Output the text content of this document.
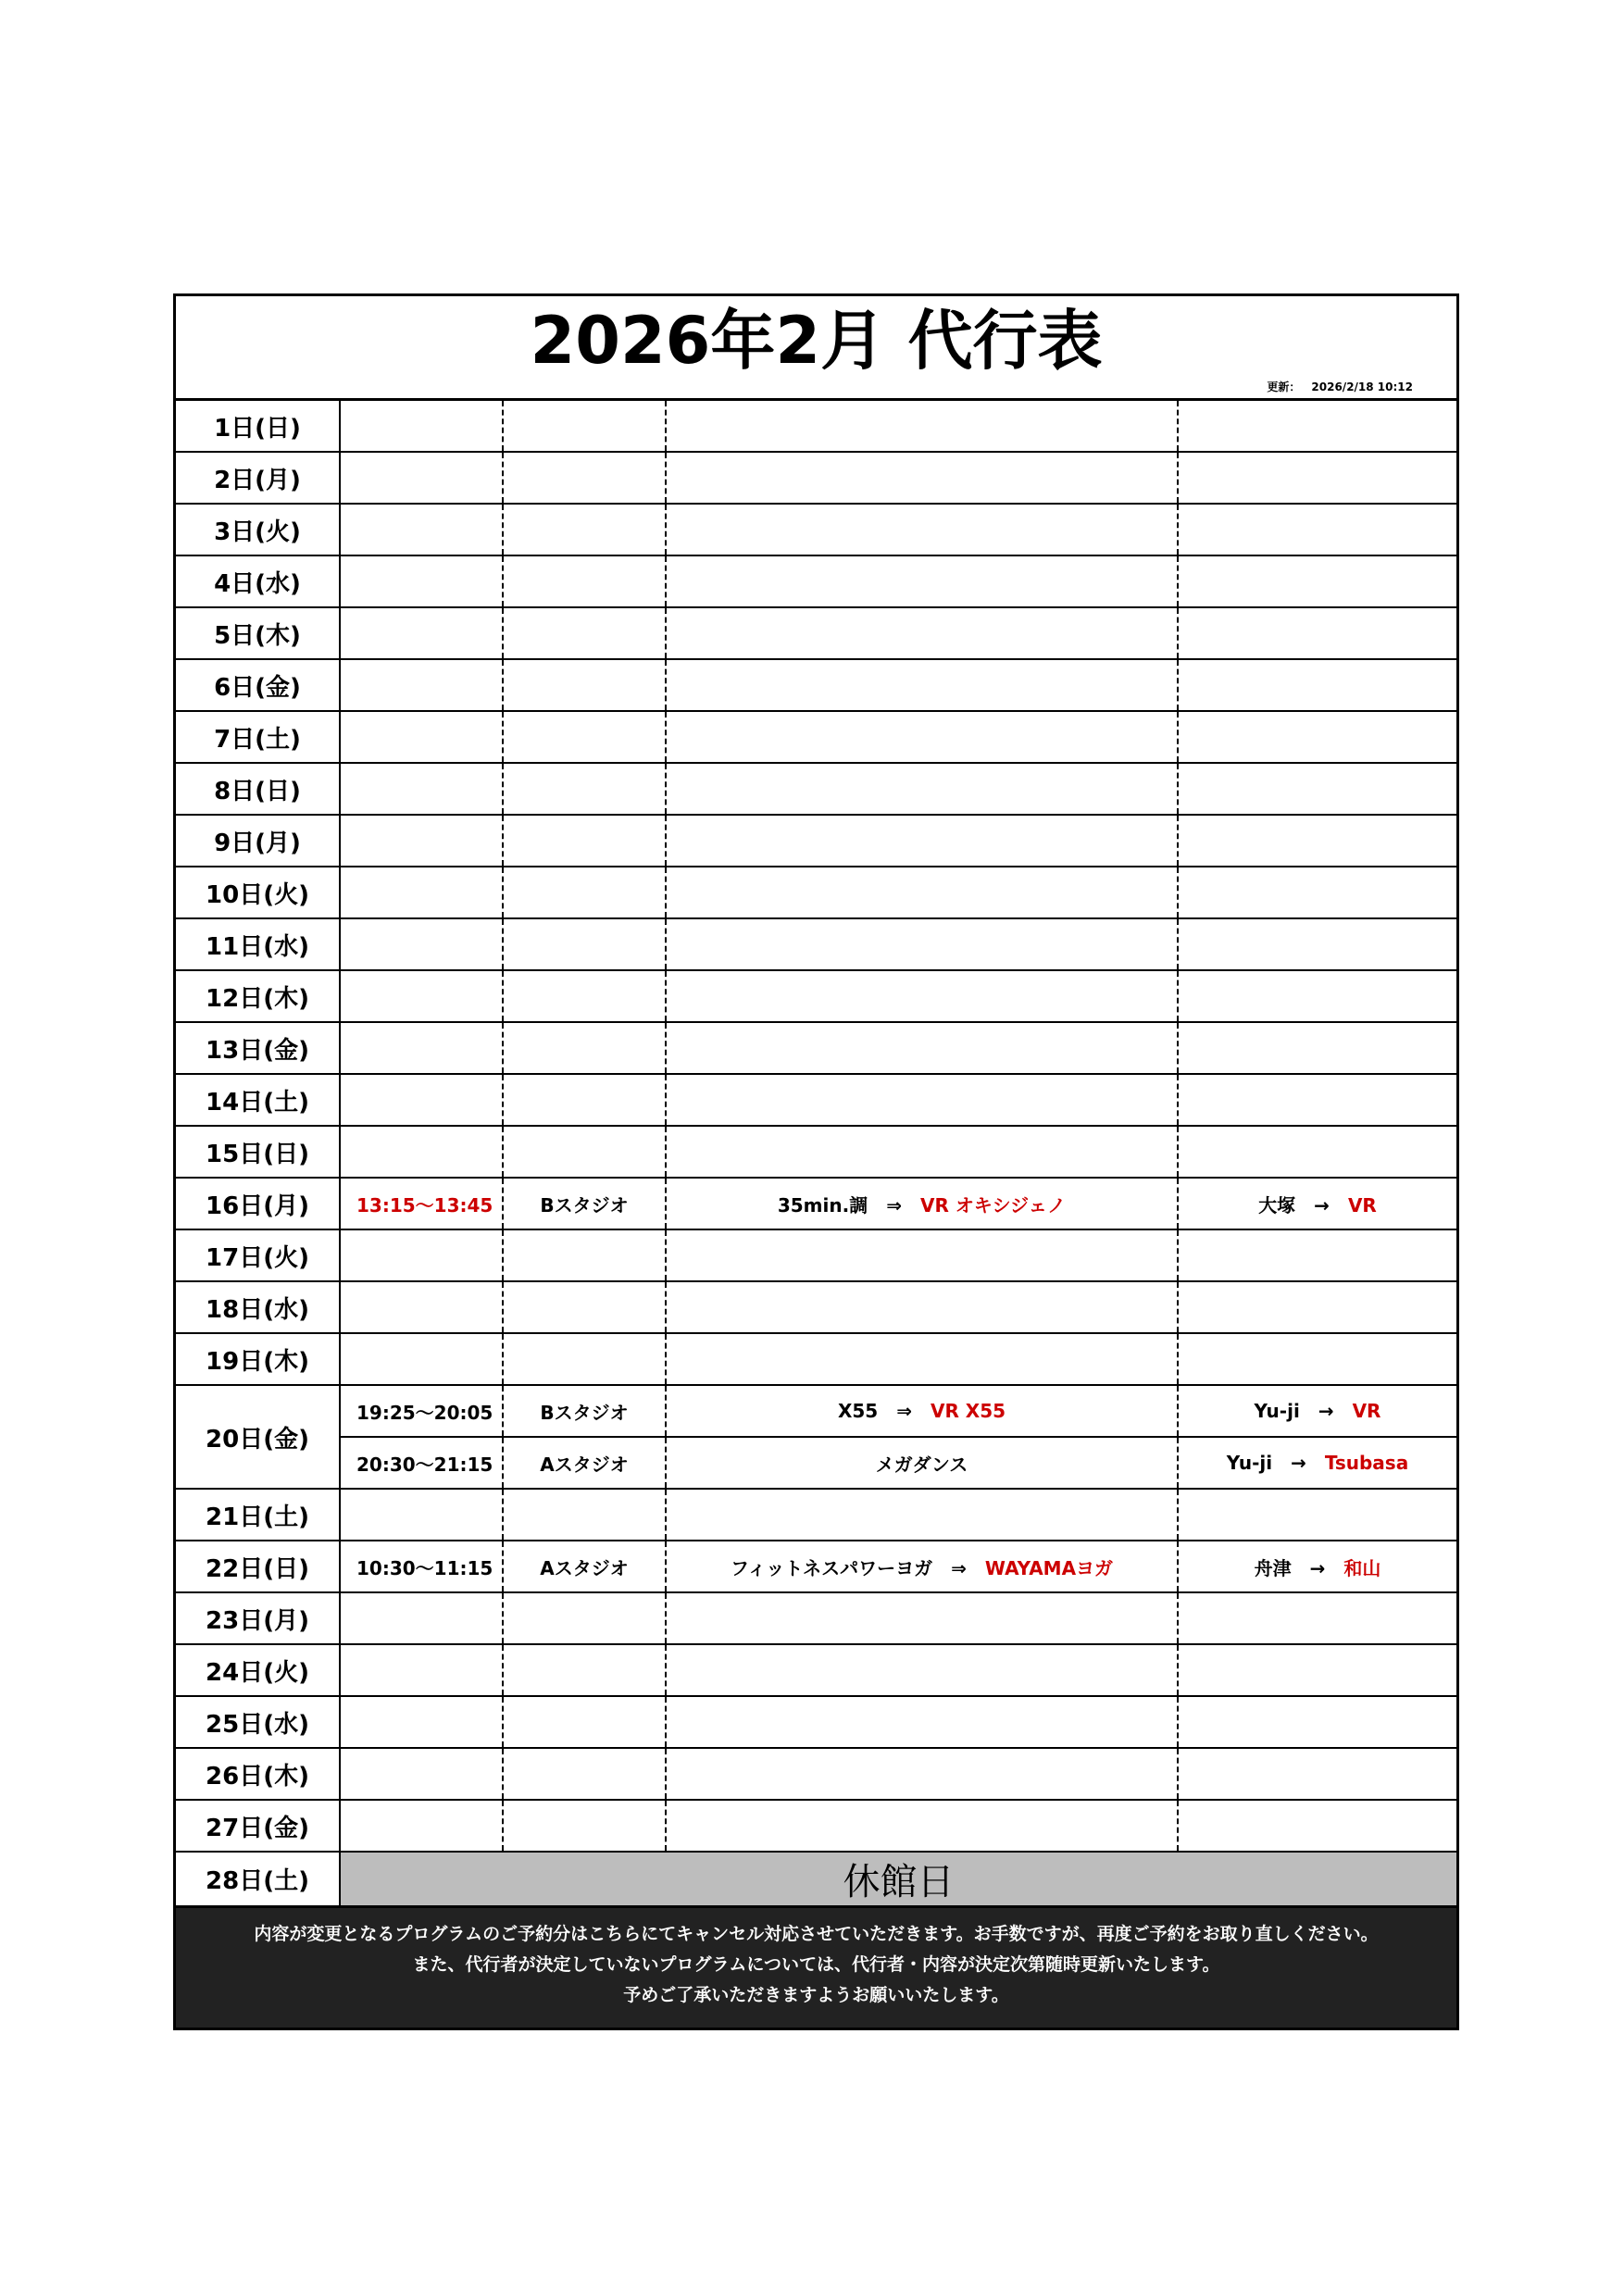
2026年2月 代行表
更新： 2026/2/18 10:12
1日(日)				
2日(月)				
3日(火)				
4日(水)				
5日(木)				
6日(金)				
7日(土)				
8日(日)				
9日(月)				
10日(火)				
11日(水)				
12日(木)				
13日(金)				
14日(土)				
15日(日)				
16日(月)	13:15～13:45	Bスタジオ	35min.調 ⇒ VR オキシジェノ	大塚 → VR
17日(火)				
18日(水)				
19日(木)				
20日(金)	19:25～20:05	Bスタジオ	X55 ⇒ VR X55	Yu-ji → VR
	20:30～21:15	Aスタジオ	メガダンス	Yu-ji → Tsubasa
21日(土)				
22日(日)	10:30～11:15	Aスタジオ	フィットネスパワーヨガ ⇒ WAYAMAヨガ	舟津 → 和山
23日(月)				
24日(火)				
25日(水)				
26日(木)				
27日(金)				
28日(土)	休館日			
内容が変更となるプログラムのご予約分はこちらにてキャンセル対応させていただきます。お手数ですが、再度ご予約をお取り直しください。
また、代行者が決定していないプログラムについては、代行者・内容が決定次第随時更新いたします。
予めご了承いただきますようお願いいたします。
